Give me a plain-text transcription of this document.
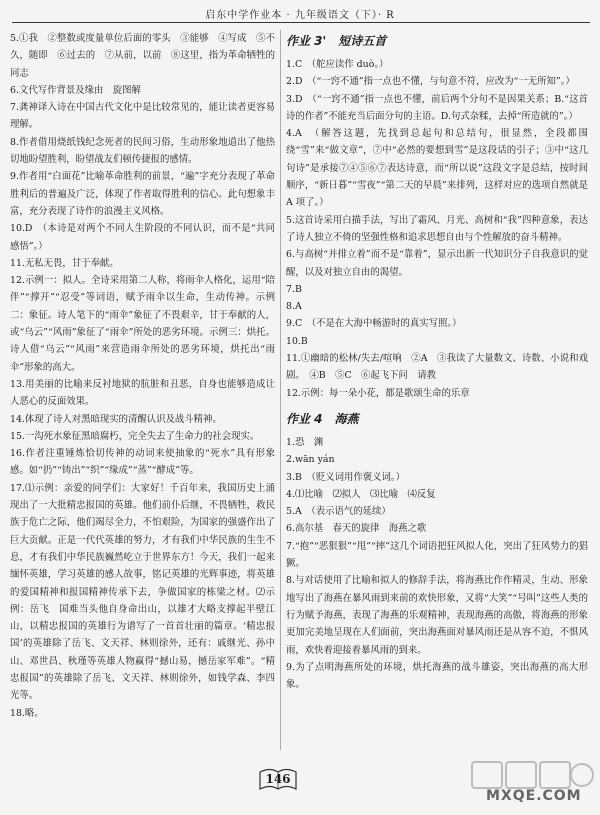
启东中学作业本 · 九年级语文（下）· R

5.①我　②整数或度量单位后面的零头　③能够　④写成　⑤不久，随即　⑥过去的　⑦从前，以前　⑧这里，指为革命牺牲的同志

6.文代写作背景及缘由　旋图解

7.龚神译入诗在中国古代文化中是比较常见的，能让读者更容易理解。

8.作者借用烧纸钱纪念死者的民间习俗，生动形象地道出了他热切地盼望胜利，盼望战友们顿传捷报的感情。

9.作者用“白面花”比喻革命胜利的前景，“遍”字充分表现了革命胜利后的普遍及广泛，体现了作者取得胜利的信心。此句想象丰富，充分表现了诗作的浪漫主义风格。

10.D　（本诗是对两个不同人生阶段的不同认识，而不是“共同感悟”。）

11.无私无畏，甘于奉献。

12.示例一：拟人。全诗采用第二人称，将雨伞人格化，运用“陪伴”“撑开”“忍受”等词语，赋予雨伞以生命，生动传神。示例二：象征。诗人笔下的“雨伞”象征了不畏艰辛，甘于奉献的人，或“乌云”“风雨”象征了“雨伞”所处的恶劣环境。示例三：烘托。诗人借“乌云”“风雨”来营造雨伞所处的恶劣环境，烘托出“雨伞”形象的高大。

13.用美丽的比喻来反衬地狱的肮脏和丑恶，自身也能够造成让人恶心的反面效果。

14.体现了诗人对黑暗现实的清醒认识及战斗精神。

15.一沟死水象征黑暗腐朽，完全失去了生命力的社会现实。

16.作者注重锤炼恰切传神的动词来使抽象的“死水”具有形象感。如“扔”“铸出”“织”“缘成”“蒸”“酵成”等。

17.⑴示例：亲爱的同学们：大家好！千百年来，我国历史上涌现出了一大批精忠报国的英雄。他们前仆后继，不畏牺牲，救民族于危亡之际，他们竭尽全力，不怕艰险，为国家的强盛作出了巨大贡献。正是一代代英雄的努力，才有我们中华民族的生生不息，才有我们中华民族巍然屹立于世界东方！今天，我们一起来缅怀英雄，学习英雄的感人故事，铭记英雄的光辉事迹，将英雄的爱国精神和报国精神传承下去，争做国家的栋梁之材。⑵示例：岳飞　国难当头他自身命出山，以雄才大略支撑起半壁江山，以精忠报国的英雄行为谱写了一首首壮丽的篇章。‘精忠报国’的英雄除了岳飞、文天祥、林则徐外，还有：戚继光、孙中山、邓世昌、秋瑾等英雄人物赢得“撼山易，撼岳家军难”。“精忠报国”的英雄除了岳飞、文天祥、林则徐外，如钱学森、李四光等。

18.略。

作业 3' 短诗五首

1.C　（舵应读作 duò。）

2.D　（“一窍不通”指一点也不懂，与句意不符，应改为“一无所知”。）

3.D　（“一窍不通”指一点也不懂，前后两个分句不是因果关系；B.“这首诗的作者”不能充当后面分句的主语。D.句式杂糅，去掉“所造就的”。）

4.A　（解答这题，先找到总起句和总结句，很显然，全段都围绕“雪”来“做文章”，⑦中“必然的要想到雪”是这段话的引子；③中“这几句诗”是承接⑦④⑤⑥⑦表达诗意，而“所以说”这段文字是总结，按时间顺序，“新日暮”“雪夜”“第二天的早晨”来排列，这样对应的选项自然就是 A 项了。）

5.这首诗采用白描手法，写出了霜风、月光、高树和“我”四种意象，表达了诗人独立不倚的坚强性格和追求思想自由与个性解放的奋斗精神。

6.与高树“并排立着”而不是“靠着”，显示出新一代知识分子自我意识的觉醒，以及对独立自由的渴望。

7.B

8.A

9.C　（不是在大海中畅游时的真实写照。）

10.B

11.①幽暗的松林/失去/喧响　②A　③我读了大量数文、诗数、小说和戏剧。　④B　⑤C　⑥起飞下问　请教

12.示例：每一朵小花，都是歌颂生命的乐章

作业 4 海燕

1.恐　渊

2.wān yán

3.B　（贬义词用作褒义词。）

4.⑴比喻　⑵拟人　⑶比喻　⑷反复

5.A　（表示语气的延续）

6.高尔基　春天的旋律　海燕之歌

7.“抱”“恶狠狠”“甩”“摔”这几个词语把狂风拟人化，突出了狂风势力的猖獗。

8.与对话使用了比喻和拟人的修辞手法，将海燕比作作精灵，生动、形象地写出了海燕在暴风雨到来前的欢快形象，又将“大笑”“号叫”这些人类的行为赋予海燕，表现了海燕的乐观精神，表现海燕的高傲，将海燕的形象更加完美地呈现在人们面前，突出海燕面对暴风雨还是从容不迫，不惧风雨，欢快着迎接着暴风雨的到来。

9.为了点明海燕所处的环境，烘托海燕的战斗雄姿，突出海燕的高大形象。

146
MXQE.COM
